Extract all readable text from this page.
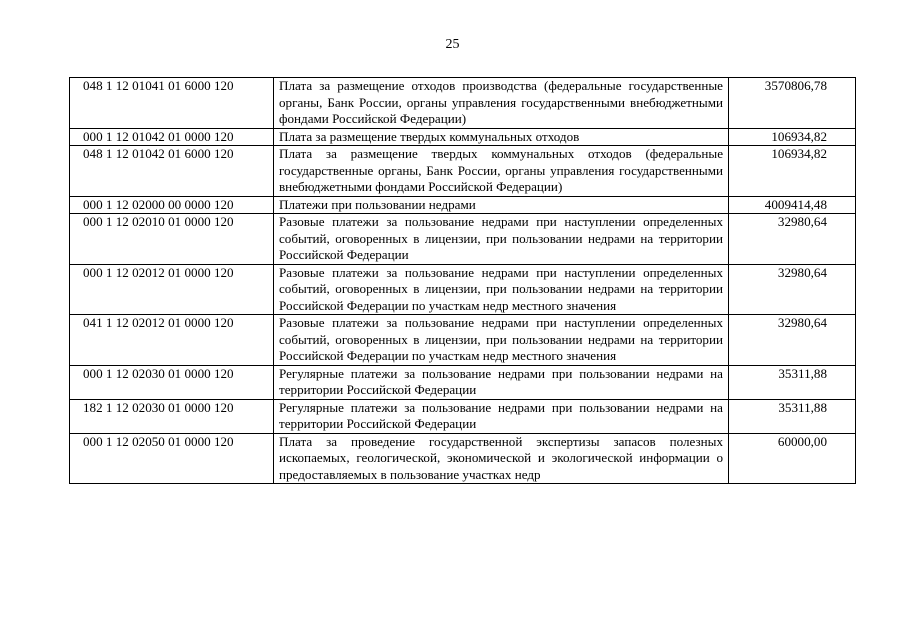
25
048 1 12 01041 01 6000 120	Плата за размещение отходов производства (федеральные государственные органы, Банк России, органы управления государственными внебюджетными фондами Российской Федерации)	3570806,78
000 1 12 01042 01 0000 120	Плата за размещение твердых коммунальных отходов	106934,82
048 1 12 01042 01 6000 120	Плата за размещение твердых коммунальных отходов (федеральные государственные органы, Банк России, органы управления государственными внебюджетными фондами Российской Федерации)	106934,82
000 1 12 02000 00 0000 120	Платежи при пользовании недрами	4009414,48
000 1 12 02010 01 0000 120	Разовые платежи за пользование недрами при наступлении определенных событий, оговоренных в лицензии, при пользовании недрами на территории Российской Федерации	32980,64
000 1 12 02012 01 0000 120	Разовые платежи за пользование недрами при наступлении определенных событий, оговоренных в лицензии, при пользовании недрами на территории Российской Федерации по участкам недр местного значения	32980,64
041 1 12 02012 01 0000 120	Разовые платежи за пользование недрами при наступлении определенных событий, оговоренных в лицензии, при пользовании недрами на территории Российской Федерации по участкам недр местного значения	32980,64
000 1 12 02030 01 0000 120	Регулярные платежи за пользование недрами при пользовании недрами на территории Российской Федерации	35311,88
182 1 12 02030 01 0000 120	Регулярные платежи за пользование недрами при пользовании недрами на территории Российской Федерации	35311,88
000 1 12 02050 01 0000 120	Плата за проведение государственной экспертизы запасов полезных ископаемых, геологической, экономической и экологической информации о предоставляемых в пользование участках недр	60000,00
